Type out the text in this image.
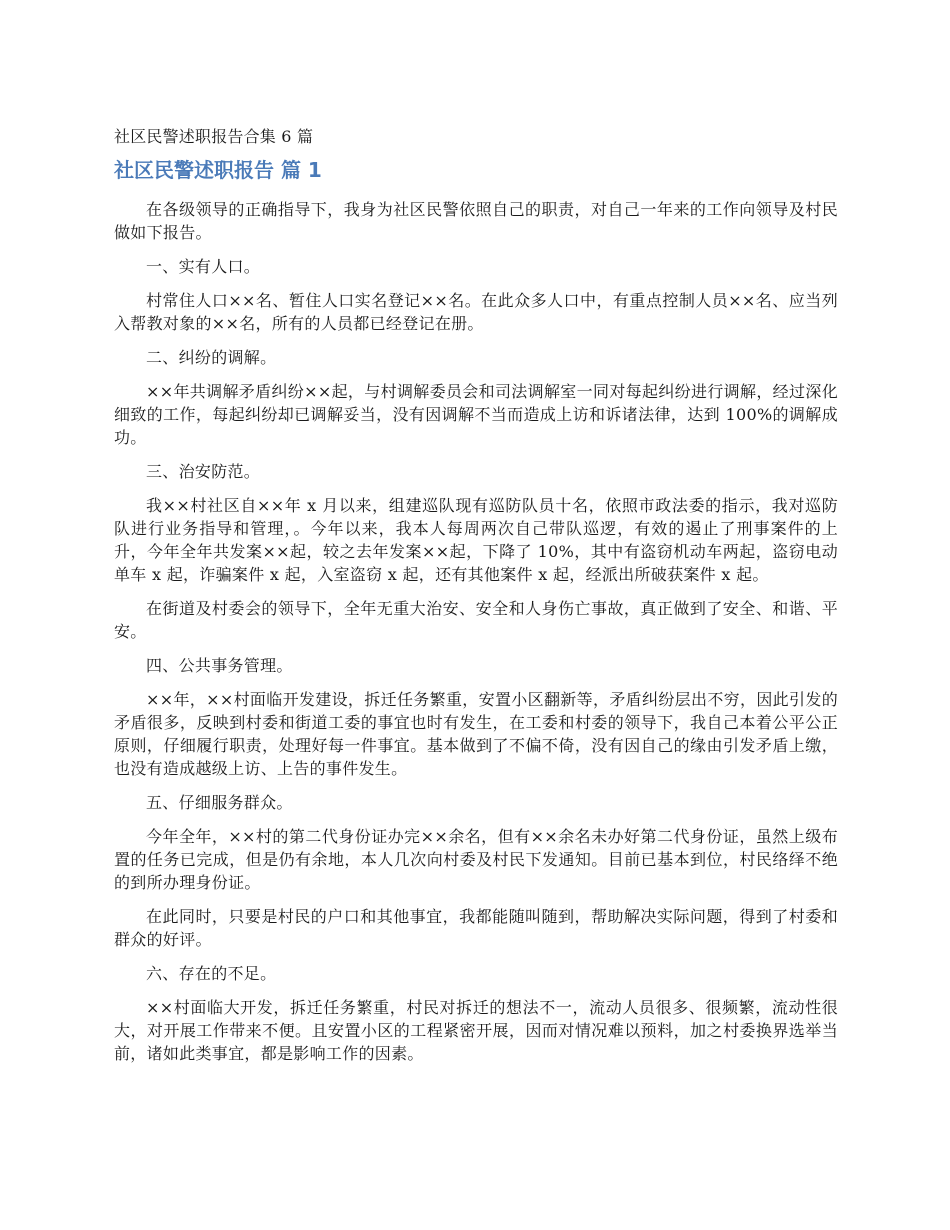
社区民警述职报告合集 6 篇
社区民警述职报告 篇 1

在各级领导的正确指导下，我身为社区民警依照自己的职责，对自己一年来的工作向领导及村民做如下报告。

一、实有人口。

村常住人口××名、暂住人口实名登记××名。在此众多人口中，有重点控制人员××名、应当列入帮教对象的××名，所有的人员都已经登记在册。

二、纠纷的调解。

××年共调解矛盾纠纷××起，与村调解委员会和司法调解室一同对每起纠纷进行调解，经过深化细致的工作，每起纠纷却已调解妥当，没有因调解不当而造成上访和诉诸法律，达到 100%的调解成功。

三、治安防范。

我××村社区自××年 x 月以来，组建巡队现有巡防队员十名，依照市政法委的指示，我对巡防队进行业务指导和管理，。今年以来，我本人每周两次自己带队巡逻，有效的遏止了刑事案件的上升，今年全年共发案××起，较之去年发案××起，下降了 10%，其中有盗窃机动车两起，盗窃电动单车 x 起，诈骗案件 x 起，入室盗窃 x 起，还有其他案件 x 起，经派出所破获案件 x 起。

在街道及村委会的领导下，全年无重大治安、安全和人身伤亡事故，真正做到了安全、和谐、平安。

四、公共事务管理。

××年，××村面临开发建设，拆迁任务繁重，安置小区翻新等，矛盾纠纷层出不穷，因此引发的矛盾很多，反映到村委和街道工委的事宜也时有发生，在工委和村委的领导下，我自己本着公平公正原则，仔细履行职责，处理好每一件事宜。基本做到了不偏不倚，没有因自己的缘由引发矛盾上缴，也没有造成越级上访、上告的事件发生。

五、仔细服务群众。

今年全年，××村的第二代身份证办完××余名，但有××余名未办好第二代身份证，虽然上级布置的任务已完成，但是仍有余地，本人几次向村委及村民下发通知。目前已基本到位，村民络绎不绝的到所办理身份证。

在此同时，只要是村民的户口和其他事宜，我都能随叫随到，帮助解决实际问题，得到了村委和群众的好评。

六、存在的不足。

××村面临大开发，拆迁任务繁重，村民对拆迁的想法不一，流动人员很多、很频繁，流动性很大，对开展工作带来不便。且安置小区的工程紧密开展，因而对情况难以预料，加之村委换界选举当前，诸如此类事宜，都是影响工作的因素。
